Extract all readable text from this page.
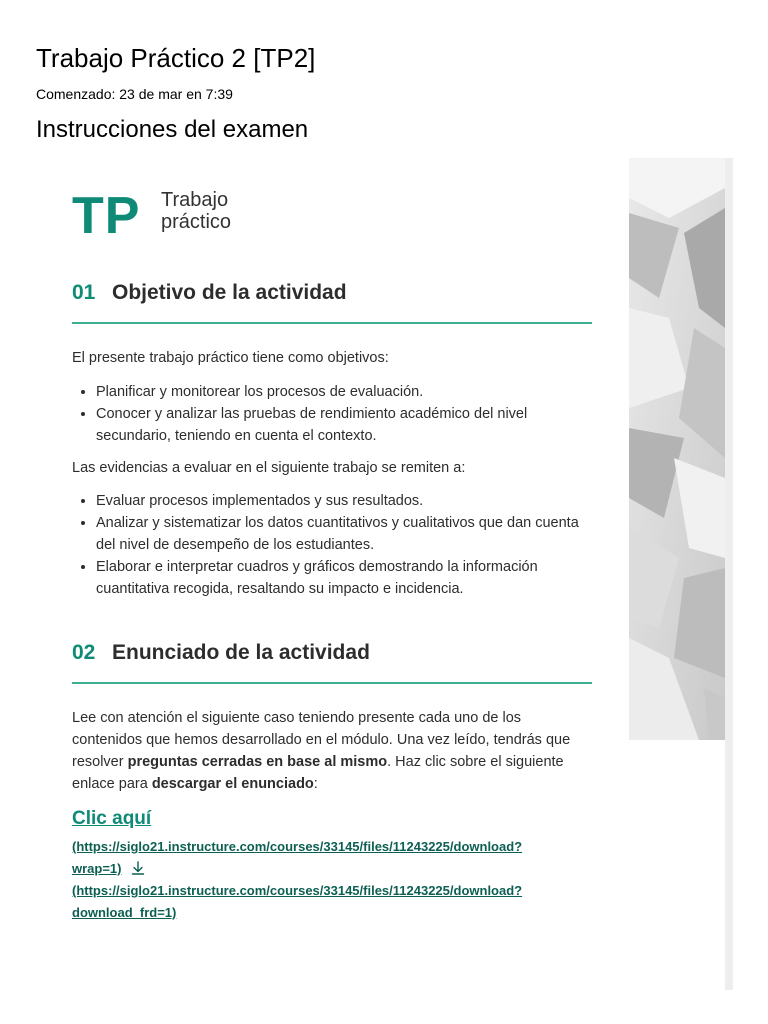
Trabajo Práctico 2 [TP2]
Comenzado: 23 de mar en 7:39
Instrucciones del examen
TP Trabajo
práctico
01 Objetivo de la actividad

El presente trabajo práctico tiene como objetivos:

• Planificar y monitorear los procesos de evaluación.
• Conocer y analizar las pruebas de rendimiento académico del nivel secundario, teniendo en cuenta el contexto.

Las evidencias a evaluar en el siguiente trabajo se remiten a:

• Evaluar procesos implementados y sus resultados.
• Analizar y sistematizar los datos cuantitativos y cualitativos que dan cuenta del nivel de desempeño de los estudiantes.
• Elaborar e interpretar cuadros y gráficos demostrando la información cuantitativa recogida, resaltando su impacto e incidencia.
02 Enunciado de la actividad

Lee con atención el siguiente caso teniendo presente cada uno de los contenidos que hemos desarrollado en el módulo. Una vez leído, tendrás que resolver preguntas cerradas en base al mismo. Haz clic sobre el siguiente enlace para descargar el enunciado:

Clic aquí
(https://siglo21.instructure.com/courses/33145/files/11243225/download?
wrap=1)
(https://siglo21.instructure.com/courses/33145/files/11243225/download?
download_frd=1)
